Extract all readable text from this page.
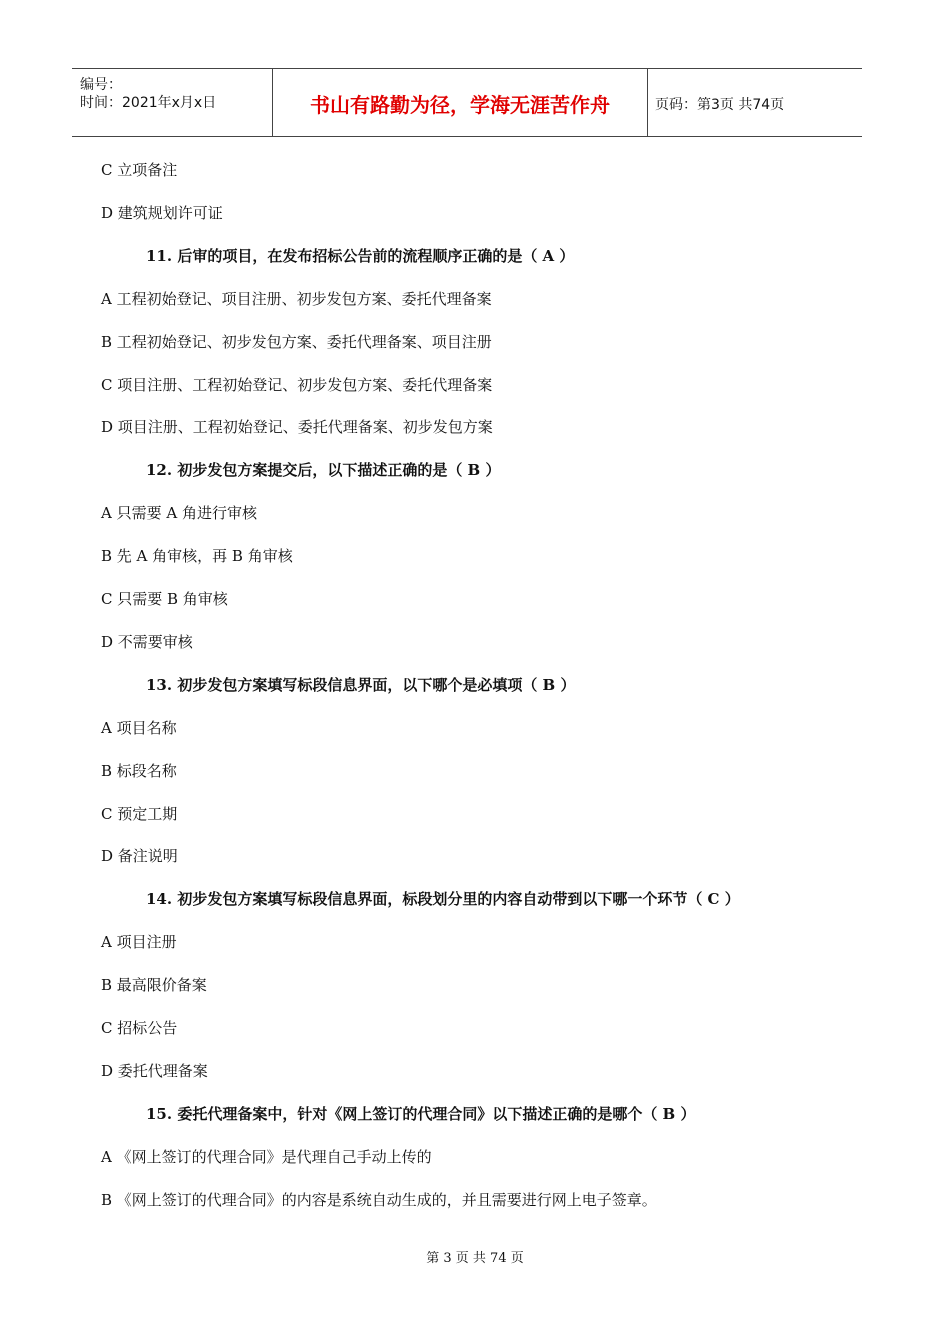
编号：
时间：2021年x月x日	书山有路勤为径，学海无涯苦作舟	页码：第3页 共74页
C 立项备注
D 建筑规划许可证
11. 后审的项目，在发布招标公告前的流程顺序正确的是（ A ）
A 工程初始登记、项目注册、初步发包方案、委托代理备案
B 工程初始登记、初步发包方案、委托代理备案、项目注册
C 项目注册、工程初始登记、初步发包方案、委托代理备案
D 项目注册、工程初始登记、委托代理备案、初步发包方案
12. 初步发包方案提交后，以下描述正确的是（ B ）
A 只需要 A 角进行审核
B 先 A 角审核，再 B 角审核
C 只需要 B 角审核
D 不需要审核
13. 初步发包方案填写标段信息界面，以下哪个是必填项（ B ）
A 项目名称
B 标段名称
C 预定工期
D 备注说明
14. 初步发包方案填写标段信息界面，标段划分里的内容自动带到以下哪一个环节（ C ）
A 项目注册
B 最高限价备案
C 招标公告
D 委托代理备案
15. 委托代理备案中，针对《网上签订的代理合同》以下描述正确的是哪个（ B ）
A 《网上签订的代理合同》是代理自己手动上传的
B 《网上签订的代理合同》的内容是系统自动生成的，并且需要进行网上电子签章。
第 3 页 共 74 页
